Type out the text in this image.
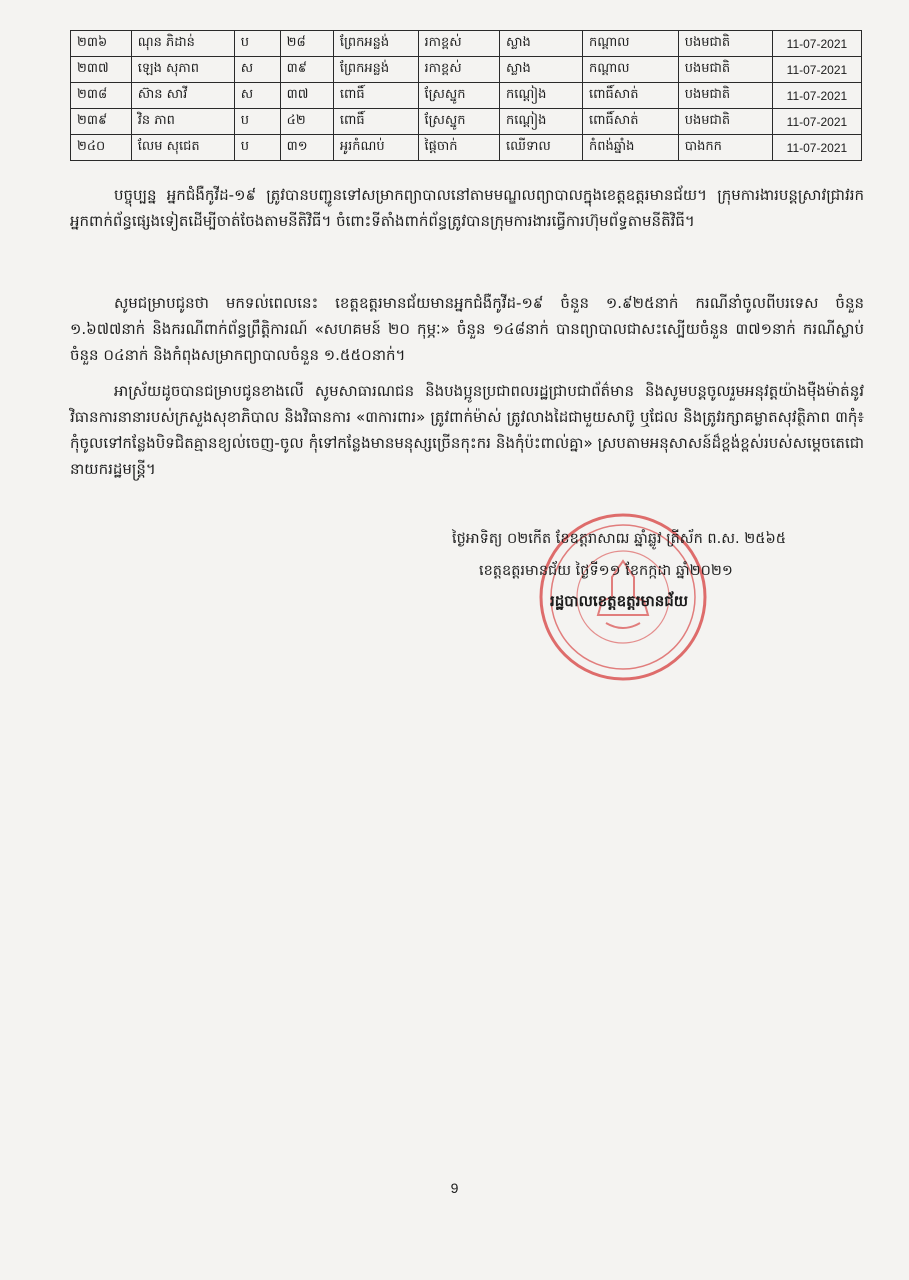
២៣៦	ណុន ភិដាន់	ប	២៨	ព្រែកអន្លង់	រកាខ្ពស់	ស្លាង	កណ្ដាល	បងមជាតិ	11-07-2021
២៣៧	ឡេង សុភាព	ស	៣៩	ព្រែកអន្លង់	រកាខ្ពស់	ស្លាង	កណ្ដាល	បងមជាតិ	11-07-2021
២៣៨	ស៊ាន សាវី	ស	៣៧	ពោធិ៍	ស្រែស្នូក	កណ្ដៀង	ពោធិ៍សាត់	បងមជាតិ	11-07-2021
២៣៩	វិន ភាព	ប	៤២	ពោធិ៍	ស្រែស្នូក	កណ្ដៀង	ពោធិ៍សាត់	បងមជាតិ	11-07-2021
២៤០	លែម សុជេត	ប	៣១	អូរកំណប់	ផ្ដៃចាក់	ឈើទាល	កំពង់ឆ្នាំង	បាងកក	11-07-2021

បច្ចុប្បន្ន អ្នកជំងឺកូវីដ-១៩ ត្រូវបានបញ្ជូនទៅសម្រាកព្យាបាលនៅតាមមណ្ឌលព្យាបាលក្នុងខេត្តឧត្តរមានជ័យ។ ក្រុមការងារបន្តស្រាវជ្រាវរកអ្នកពាក់ព័ន្ធផ្សេងទៀតដើម្បីចាត់ចែងតាមនីតិវិធី។ ចំពោះទីតាំងពាក់ព័ន្ធត្រូវបានក្រុមការងារធ្វើការហ៊ុមព័ទ្ធតាមនីតិវិធី។

សូមជម្រាបជូនថា មកទល់ពេលនេះ ខេត្តឧត្តរមានជ័យមានអ្នកជំងឺកូវីដ-១៩ ចំនួន ១.៩២៥នាក់ ករណីនាំចូលពីបរទេស ចំនួន ១.៦៧៧នាក់ និងករណីពាក់ព័ន្ធព្រឹត្តិការណ៍ «សហគមន៍ ២០ កុម្ភៈ» ចំនួន ១៤៨នាក់ បានព្យាបាលជាសះស្បើយចំនួន ៣៧១នាក់ ករណីស្លាប់ចំនួន ០៤នាក់ និងកំពុងសម្រាកព្យាបាលចំនួន ១.៥៥០នាក់។

អាស្រ័យដូចបានជម្រាបជូនខាងលើ សូមសាធារណជន និងបងប្អូនប្រជាពលរដ្ឋជ្រាបជាព័ត៌មាន និងសូមបន្តចូលរួមអនុវត្តយ៉ាងម៉ឺងម៉ាត់នូវវិធានការនានារបស់ក្រសួងសុខាភិបាល និងវិធានការ «៣ការពារ» ត្រូវពាក់ម៉ាស់ ត្រូវលាងដៃជាមួយសាប៊ូ ឬជែល និងត្រូវរក្សាគម្លាតសុវត្ថិភាព ៣កុំ៖ កុំចូលទៅកន្លែងបិទជិតគ្មានខ្យល់ចេញ-ចូល កុំទៅកន្លែងមានមនុស្សច្រើនកុះករ និងកុំប៉ះពាល់គ្នា» ស្របតាមអនុសាសន៍ដ៏ខ្ពង់ខ្ពស់របស់សម្ដេចតេជោនាយករដ្ឋមន្ត្រី។

ថ្ងៃអាទិត្យ ០២កើត ខែឧត្តរាសាឍ ឆ្នាំឆ្លូវ ត្រីស័ក ព.ស. ២៥៦៥
ខេត្តឧត្តរមានជ័យ ថ្ងៃទី១១ ខែកក្កដា ឆ្នាំ២០២១
រដ្ឋបាលខេត្តឧត្តរមានជ័យ
9
